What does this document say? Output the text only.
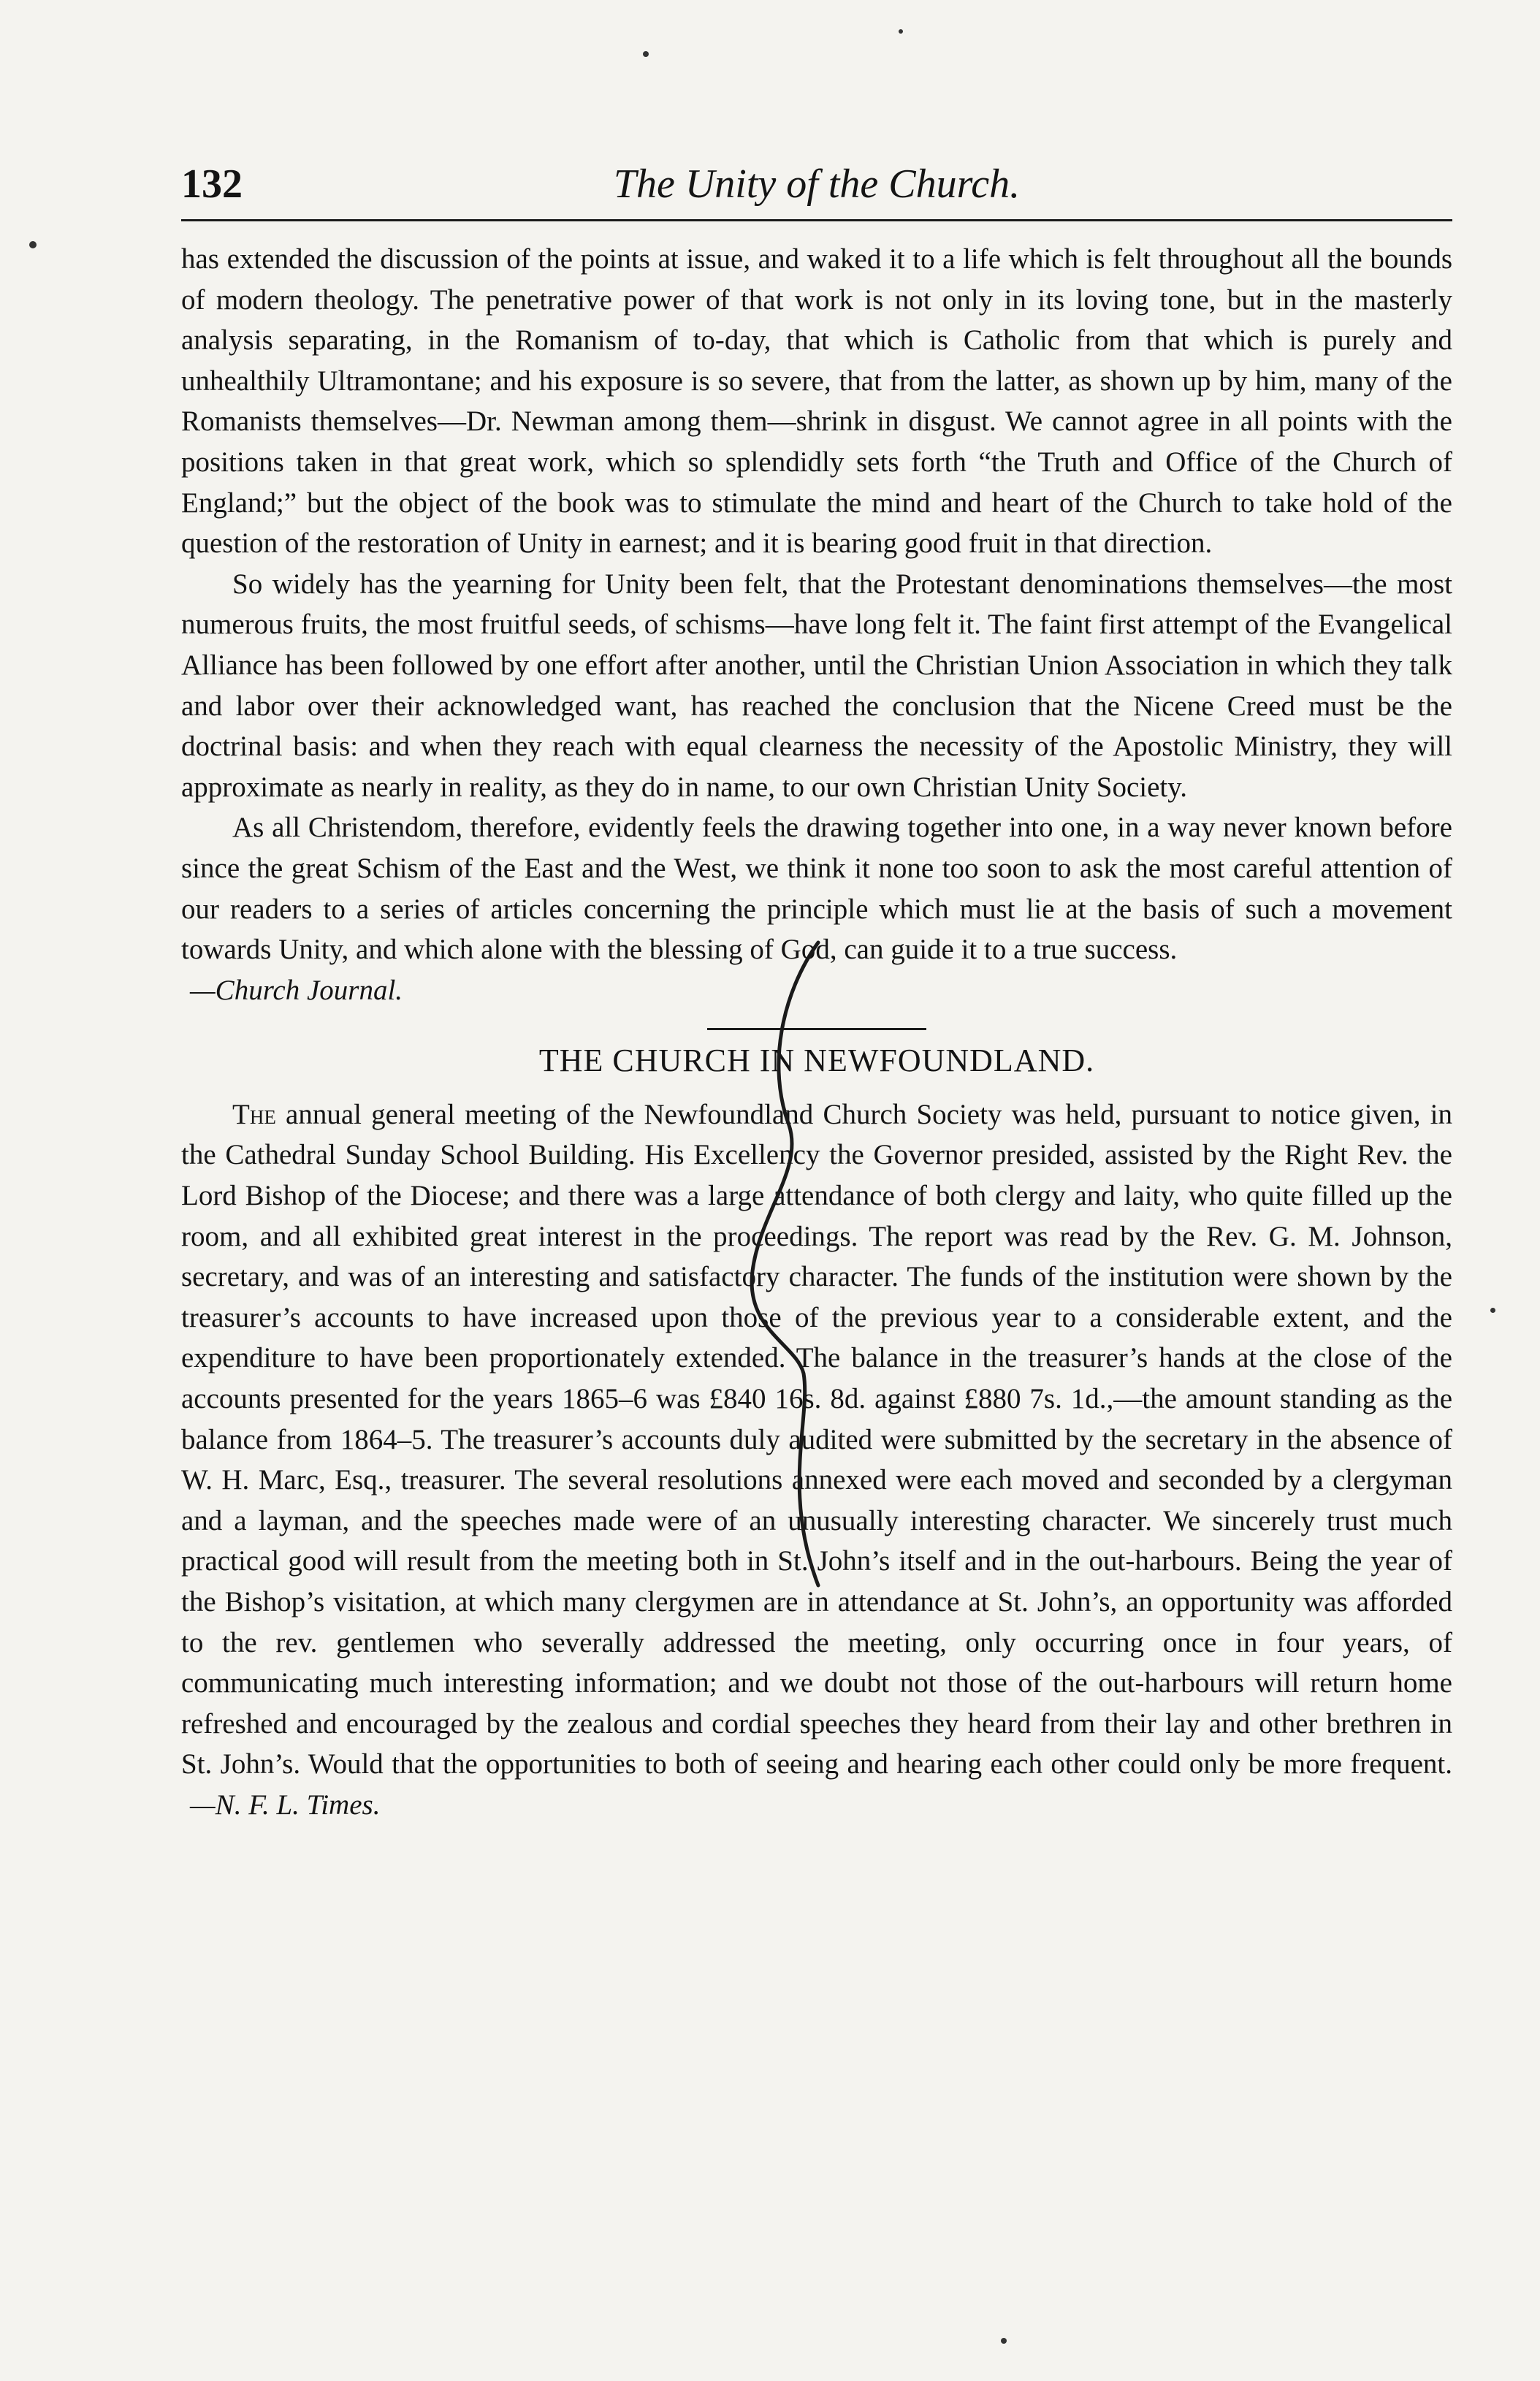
132	The Unity of the Church.

has extended the discussion of the points at issue, and waked it to a life which is felt throughout all the bounds of modern theology. The penetrative power of that work is not only in its loving tone, but in the masterly analysis separating, in the Romanism of to-day, that which is Catholic from that which is purely and unhealthily Ultramontane; and his exposure is so severe, that from the latter, as shown up by him, many of the Romanists themselves—Dr. Newman among them—shrink in disgust. We cannot agree in all points with the positions taken in that great work, which so splendidly sets forth “the Truth and Office of the Church of England;” but the object of the book was to stimulate the mind and heart of the Church to take hold of the question of the restoration of Unity in earnest; and it is bearing good fruit in that direction.

So widely has the yearning for Unity been felt, that the Protestant denominations themselves—the most numerous fruits, the most fruitful seeds, of schisms—have long felt it. The faint first attempt of the Evangelical Alliance has been followed by one effort after another, until the Christian Union Association in which they talk and labor over their acknowledged want, has reached the conclusion that the Nicene Creed must be the doctrinal basis: and when they reach with equal clearness the necessity of the Apostolic Ministry, they will approximate as nearly in reality, as they do in name, to our own Christian Unity Society.

As all Christendom, therefore, evidently feels the drawing together into one, in a way never known before since the great Schism of the East and the West, we think it none too soon to ask the most careful attention of our readers to a series of articles concerning the principle which must lie at the basis of such a movement towards Unity, and which alone with the blessing of God, can guide it to a true success.

—Church Journal.

THE CHURCH IN NEWFOUNDLAND.

The annual general meeting of the Newfoundland Church Society was held, pursuant to notice given, in the Cathedral Sunday School Building. His Excellency the Governor presided, assisted by the Right Rev. the Lord Bishop of the Diocese; and there was a large attendance of both clergy and laity, who quite filled up the room, and all exhibited great interest in the proceedings. The report was read by the Rev. G. M. Johnson, secretary, and was of an interesting and satisfactory character. The funds of the institution were shown by the treasurer’s accounts to have increased upon those of the previous year to a considerable extent, and the expenditure to have been proportionately extended. The balance in the treasurer’s hands at the close of the accounts presented for the years 1865–6 was £840 16s. 8d. against £880 7s. 1d.,—the amount standing as the balance from 1864–5. The treasurer’s accounts duly audited were submitted by the secretary in the absence of W. H. Marc, Esq., treasurer. The several resolutions annexed were each moved and seconded by a clergyman and a layman, and the speeches made were of an unusually interesting character. We sincerely trust much practical good will result from the meeting both in St. John’s itself and in the out-harbours. Being the year of the Bishop’s visitation, at which many clergymen are in attendance at St. John’s, an opportunity was afforded to the rev. gentlemen who severally addressed the meeting, only occurring once in four years, of communicating much interesting information; and we doubt not those of the out-harbours will return home refreshed and encouraged by the zealous and cordial speeches they heard from their lay and other brethren in St. John’s. Would that the opportunities to both of seeing and hearing each other could only be more frequent.—N. F. L. Times.
